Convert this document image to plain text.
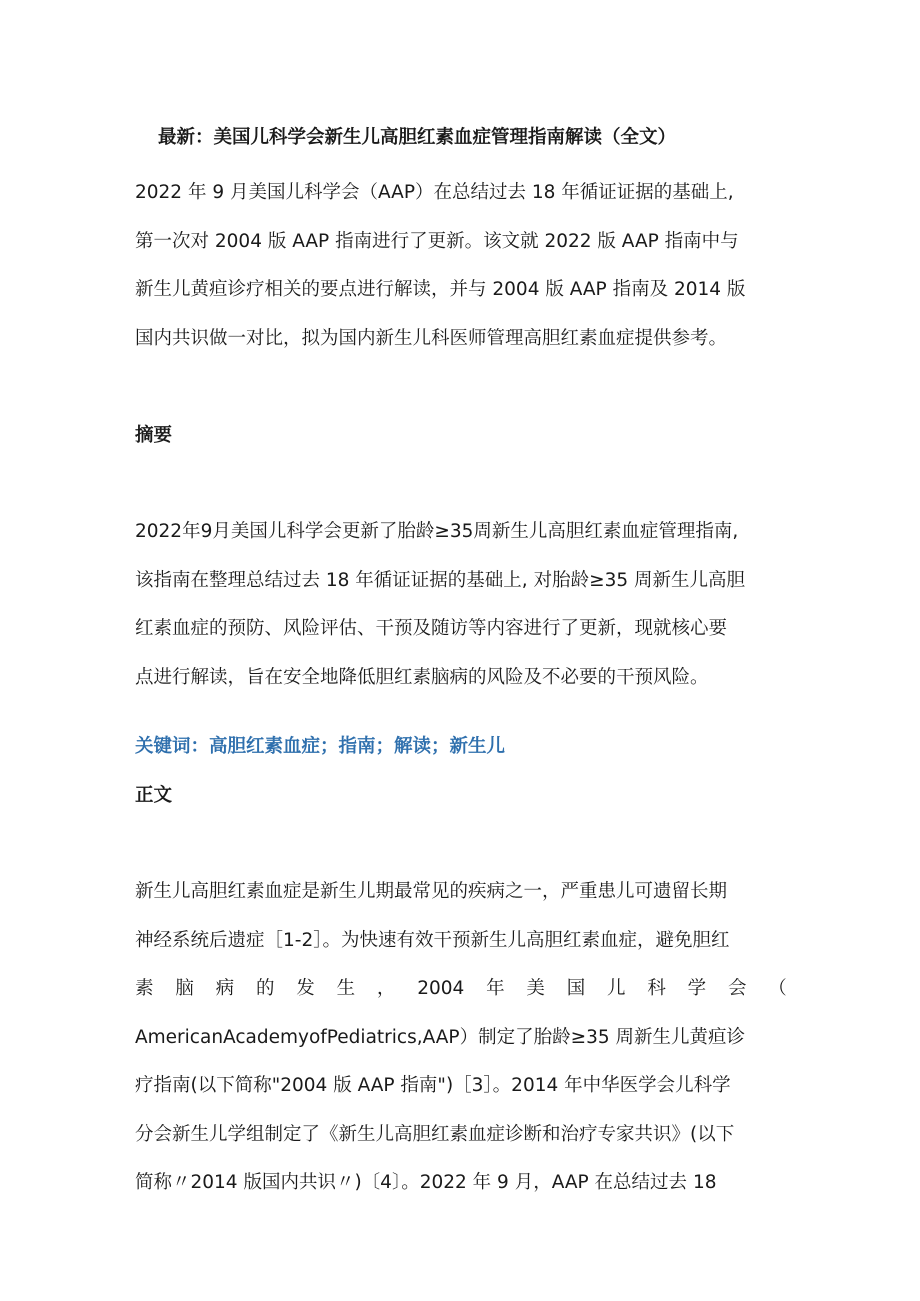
最新：美国儿科学会新生儿高胆红素血症管理指南解读（全文）

2022 年 9 月美国儿科学会（AAP）在总结过去 18 年循证证据的基础上,
第一次对 2004 版 AAP 指南进行了更新。该文就 2022 版 AAP 指南中与
新生儿黄疸诊疗相关的要点进行解读，并与 2004 版 AAP 指南及 2014 版
国内共识做一对比，拟为国内新生儿科医师管理高胆红素血症提供参考。

摘要

2022年9月美国儿科学会更新了胎龄≥35周新生儿高胆红素血症管理指南,
该指南在整理总结过去 18 年循证证据的基础上, 对胎龄≥35 周新生儿高胆
红素血症的预防、风险评估、干预及随访等内容进行了更新，现就核心要
点进行解读，旨在安全地降低胆红素脑病的风险及不必要的干预风险。

关键词：高胆红素血症；指南；解读；新生儿

正文
新生儿高胆红素血症是新生儿期最常见的疾病之一，严重患儿可遗留长期
神经系统后遗症［1-2］。为快速有效干预新生儿高胆红素血症，避免胆红
素 脑 病 的 发 生 ， 2004 年 美 国 儿 科 学 会 （
AmericanAcademyofPediatrics,AAP）制定了胎龄≥35 周新生儿黄疸诊
疗指南(以下简称"2004 版 AAP 指南")［3］。2014 年中华医学会儿科学
分会新生儿学组制定了《新生儿高胆红素血症诊断和治疗专家共识》(以下
简称〃2014 版国内共识〃)〔4〕。2022 年 9 月，AAP 在总结过去 18
